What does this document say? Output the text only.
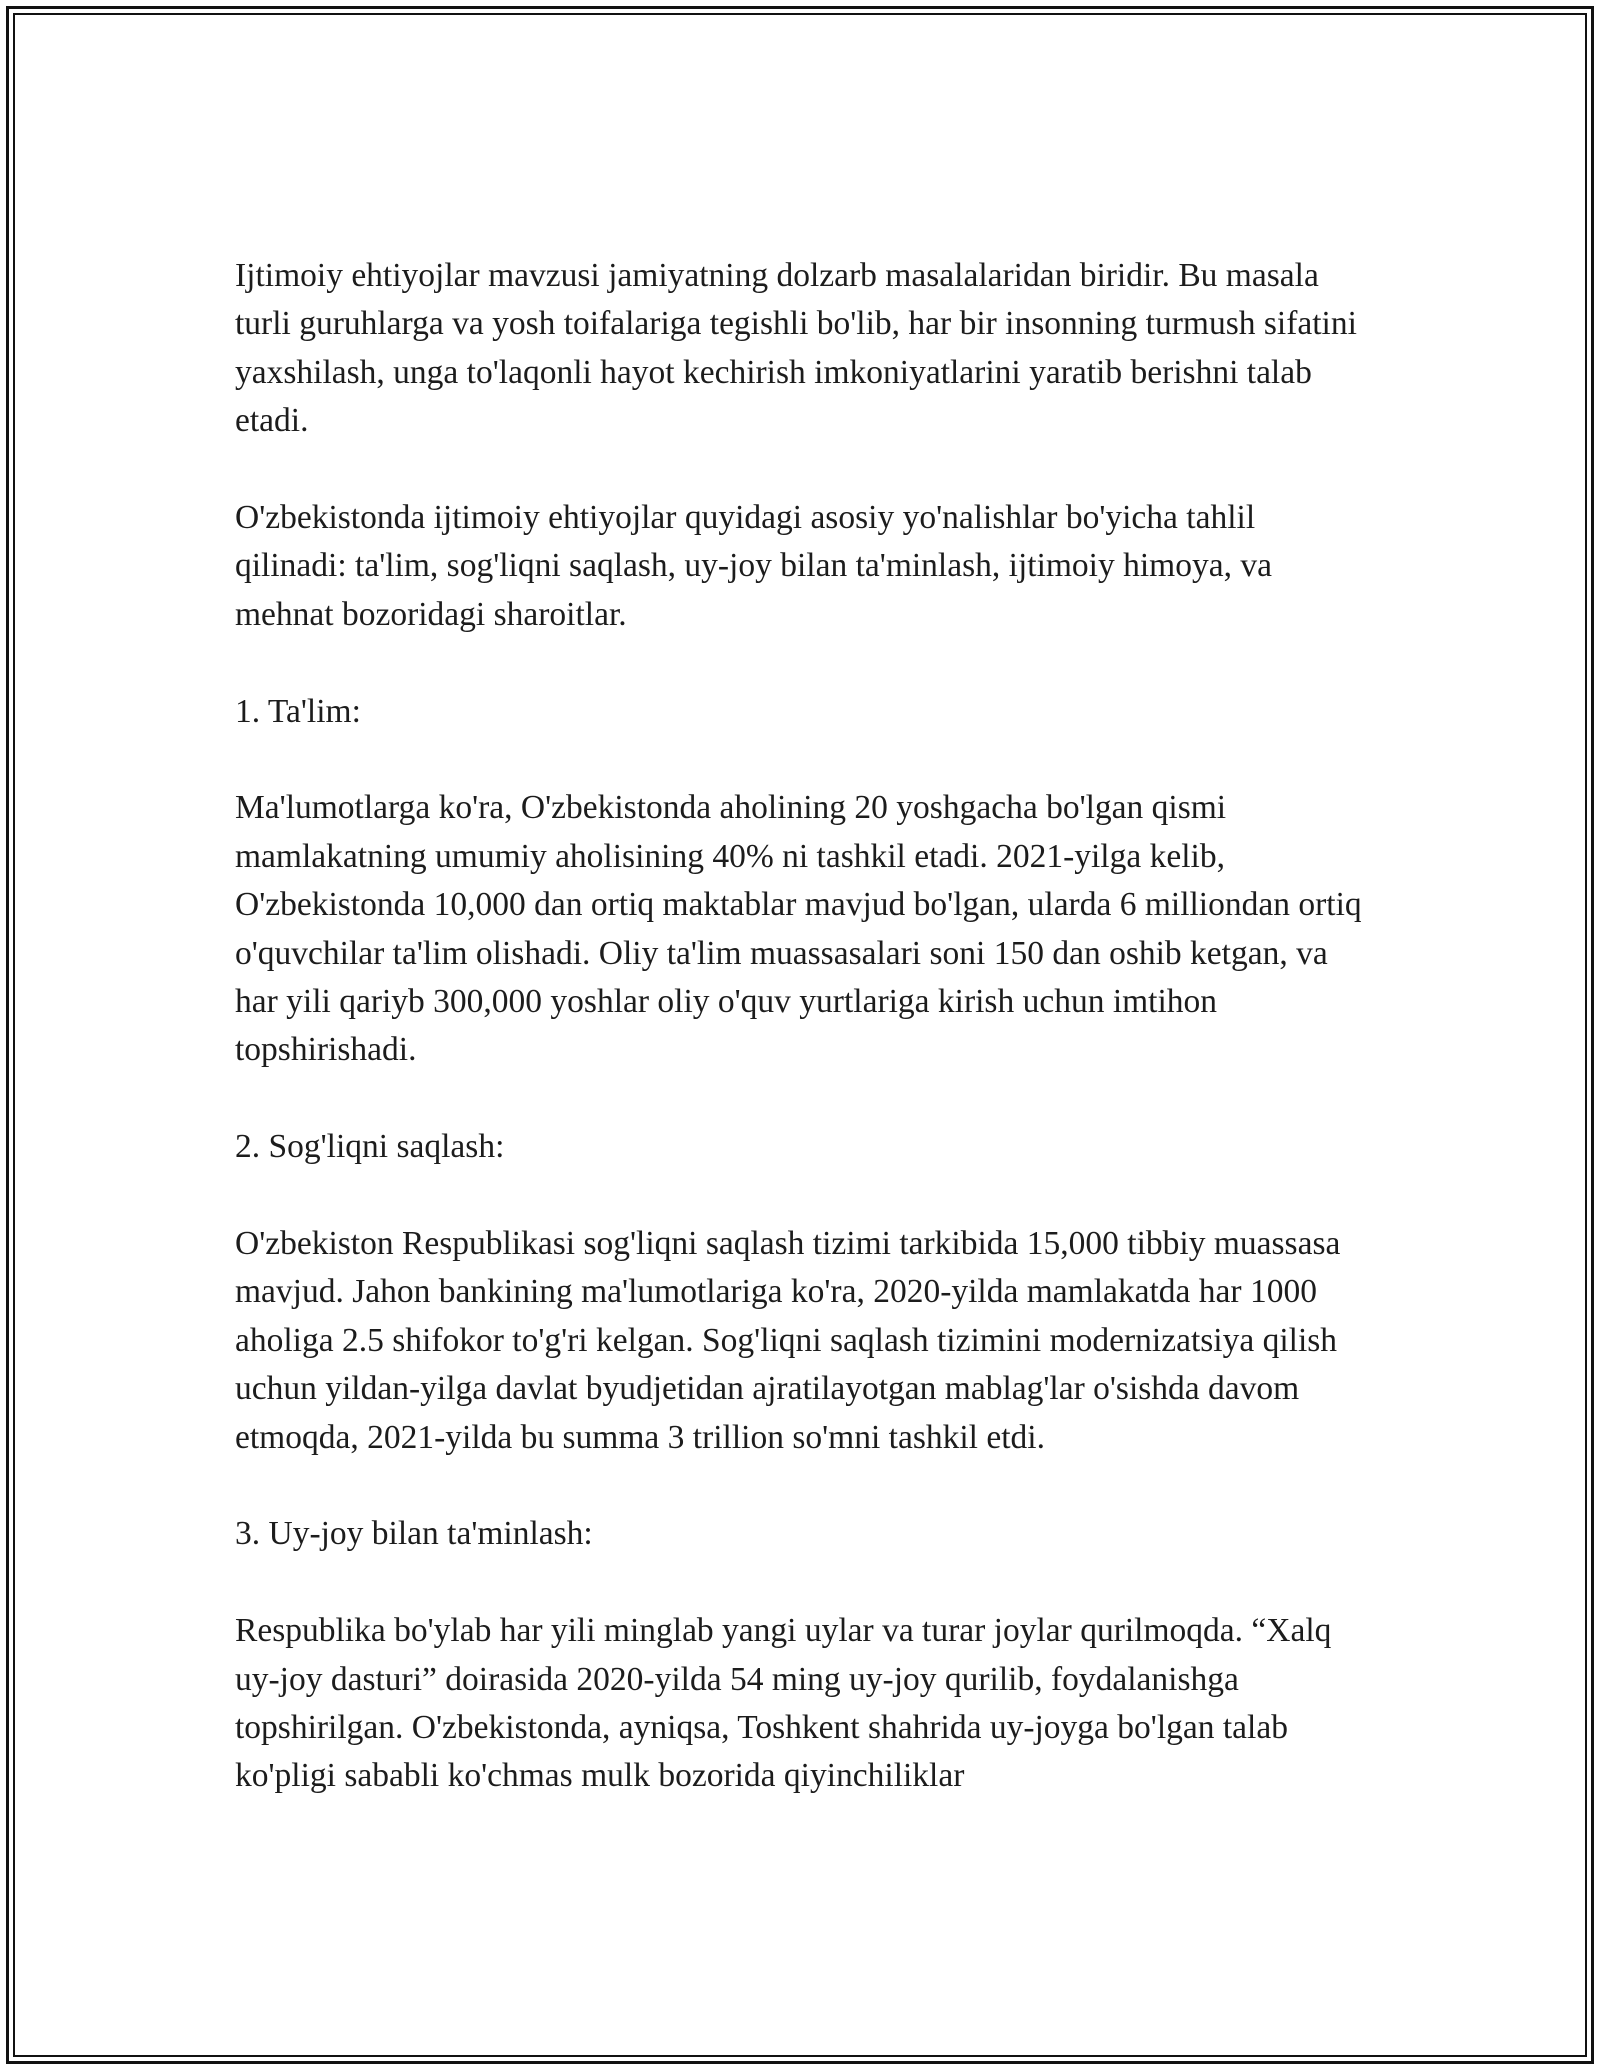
Ijtimoiy ehtiyojlar mavzusi jamiyatning dolzarb masalalaridan biridir. Bu masala turli guruhlarga va yosh toifalariga tegishli bo'lib, har bir insonning turmush sifatini yaxshilash, unga to'laqonli hayot kechirish imkoniyatlarini yaratib berishni talab etadi.

O'zbekistonda ijtimoiy ehtiyojlar quyidagi asosiy yo'nalishlar bo'yicha tahlil qilinadi: ta'lim, sog'liqni saqlash, uy-joy bilan ta'minlash, ijtimoiy himoya, va mehnat bozoridagi sharoitlar.

1. Ta'lim:

Ma'lumotlarga ko'ra, O'zbekistonda aholining 20 yoshgacha bo'lgan qismi mamlakatning umumiy aholisining 40% ni tashkil etadi. 2021-yilga kelib, O'zbekistonda 10,000 dan ortiq maktablar mavjud bo'lgan, ularda 6 milliondan ortiq o'quvchilar ta'lim olishadi. Oliy ta'lim muassasalari soni 150 dan oshib ketgan, va har yili qariyb 300,000 yoshlar oliy o'quv yurtlariga kirish uchun imtihon topshirishadi.

2. Sog'liqni saqlash:

O'zbekiston Respublikasi sog'liqni saqlash tizimi tarkibida 15,000 tibbiy muassasa mavjud. Jahon bankining ma'lumotlariga ko'ra, 2020-yilda mamlakatda har 1000 aholiga 2.5 shifokor to'g'ri kelgan. Sog'liqni saqlash tizimini modernizatsiya qilish uchun yildan-yilga davlat byudjetidan ajratilayotgan mablag'lar o'sishda davom etmoqda, 2021-yilda bu summa 3 trillion so'mni tashkil etdi.

3. Uy-joy bilan ta'minlash:

Respublika bo'ylab har yili minglab yangi uylar va turar joylar qurilmoqda. “Xalq uy-joy dasturi” doirasida 2020-yilda 54 ming uy-joy qurilib, foydalanishga topshirilgan. O'zbekistonda, ayniqsa, Toshkent shahrida uy-joyga bo'lgan talab ko'pligi sababli ko'chmas mulk bozorida qiyinchiliklar
